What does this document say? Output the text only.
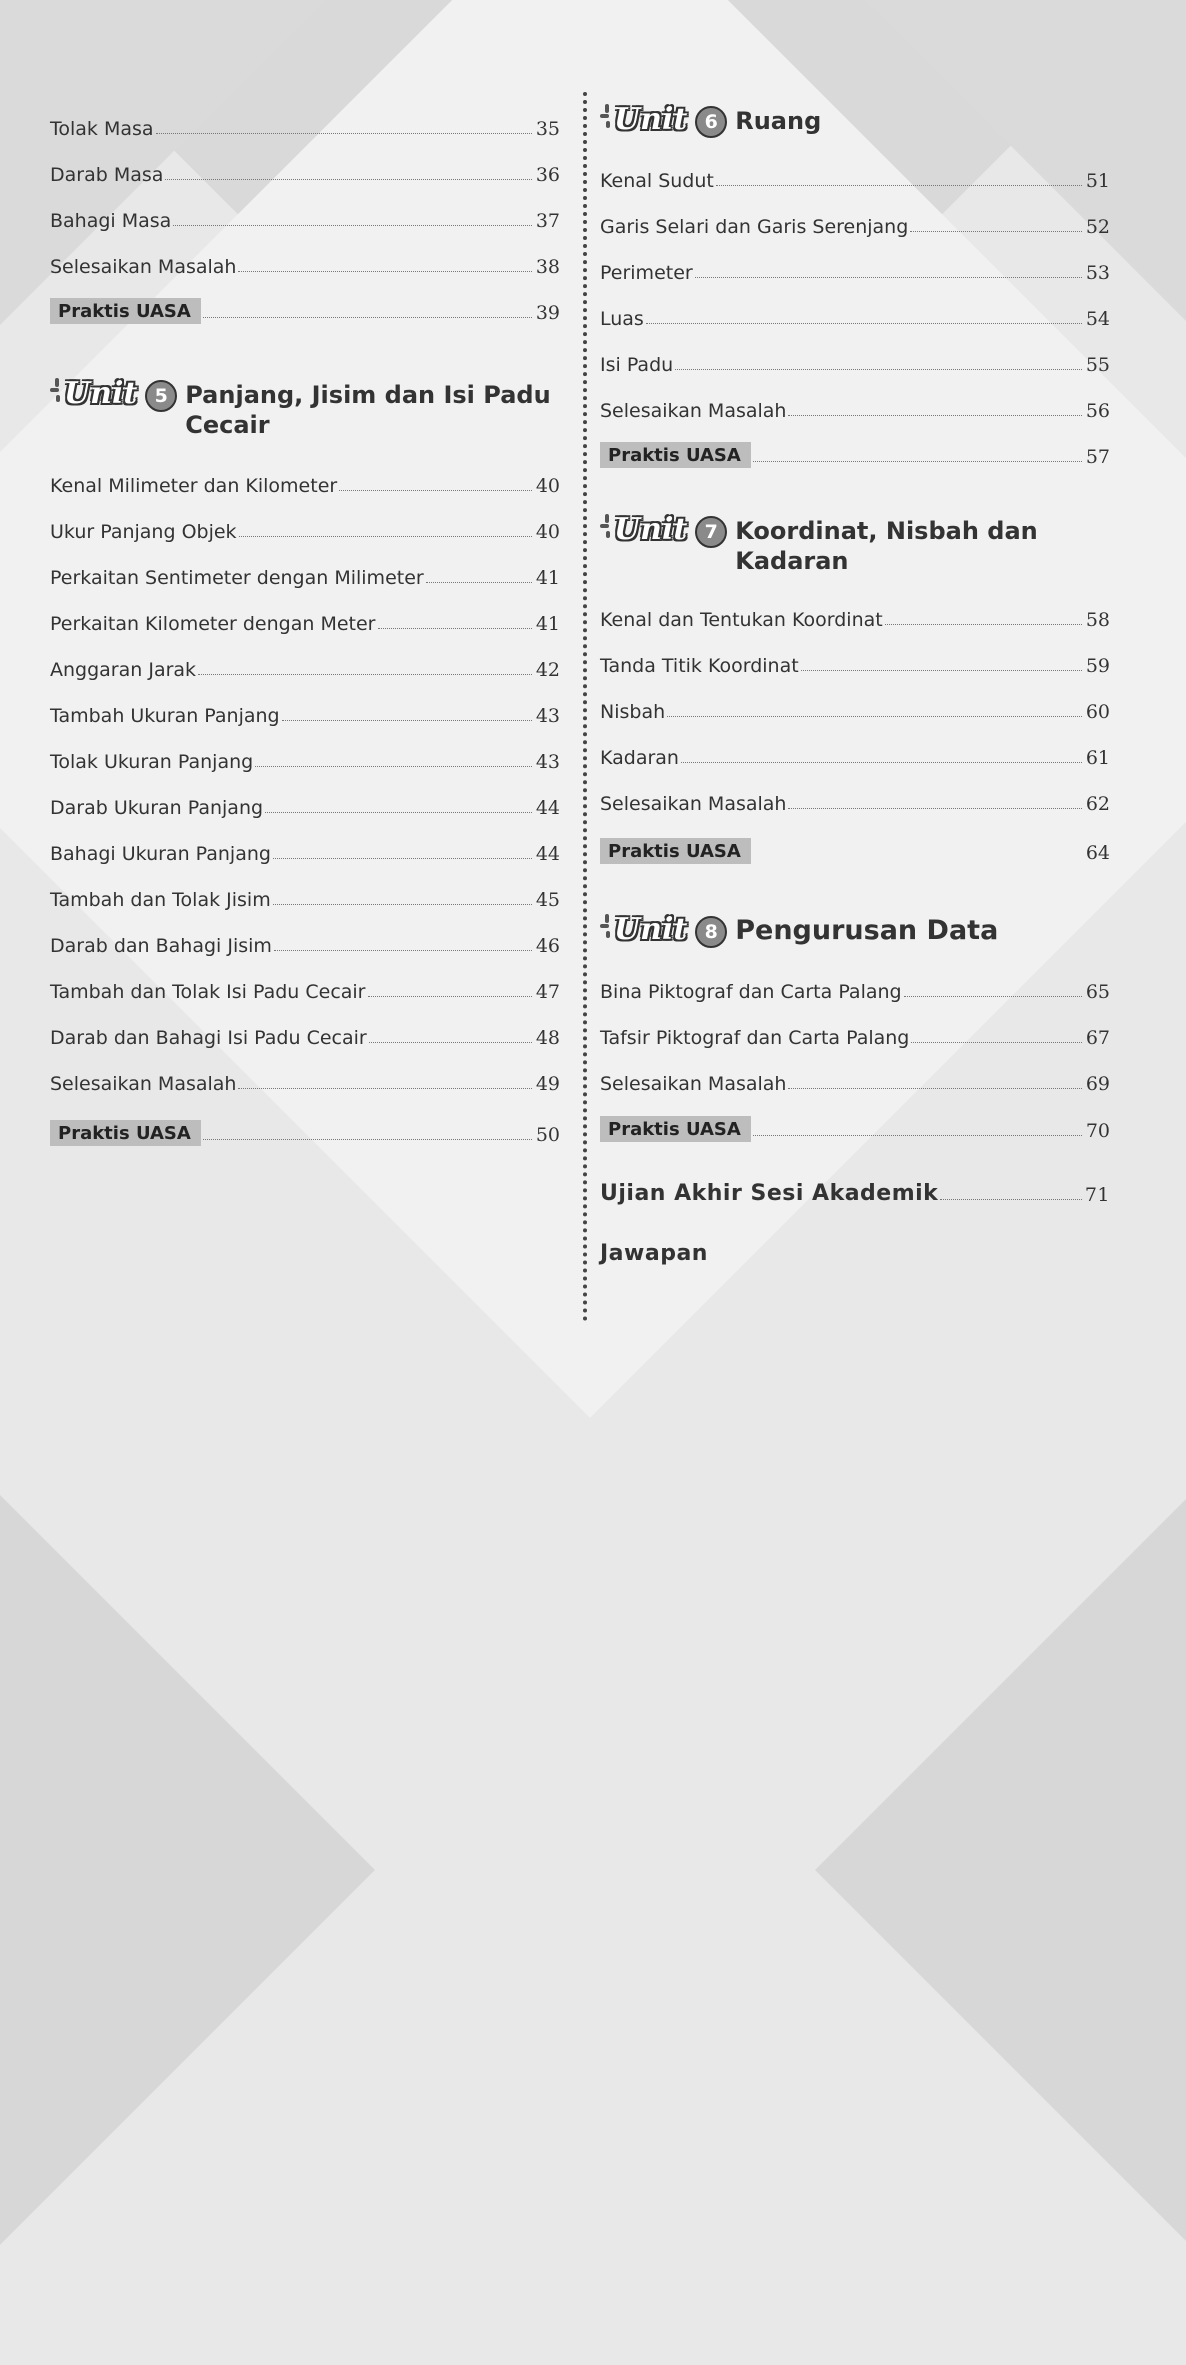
Tolak Masa	35
Darab Masa	36
Bahagi Masa	37
Selesaikan Masalah	38
Praktis UASA	39
Unit 5 Panjang, Jisim dan Isi Padu
Cecair
Kenal Milimeter dan Kilometer	40
Ukur Panjang Objek	40
Perkaitan Sentimeter dengan Milimeter	41
Perkaitan Kilometer dengan Meter	41
Anggaran Jarak	42
Tambah Ukuran Panjang	43
Tolak Ukuran Panjang	43
Darab Ukuran Panjang	44
Bahagi Ukuran Panjang	44
Tambah dan Tolak Jisim	45
Darab dan Bahagi Jisim	46
Tambah dan Tolak Isi Padu Cecair	47
Darab dan Bahagi Isi Padu Cecair	48
Selesaikan Masalah	49
Praktis UASA	50
Unit 6 Ruang
Kenal Sudut	51
Garis Selari dan Garis Serenjang	52
Perimeter	53
Luas	54
Isi Padu	55
Selesaikan Masalah	56
Praktis UASA	57
Unit 7 Koordinat, Nisbah dan
Kadaran
Kenal dan Tentukan Koordinat	58
Tanda Titik Koordinat	59
Nisbah	60
Kadaran	61
Selesaikan Masalah	62
Praktis UASA	64
Unit 8 Pengurusan Data
Bina Piktograf dan Carta Palang	65
Tafsir Piktograf dan Carta Palang	67
Selesaikan Masalah	69
Praktis UASA	70
Ujian Akhir Sesi Akademik	71
Jawapan
